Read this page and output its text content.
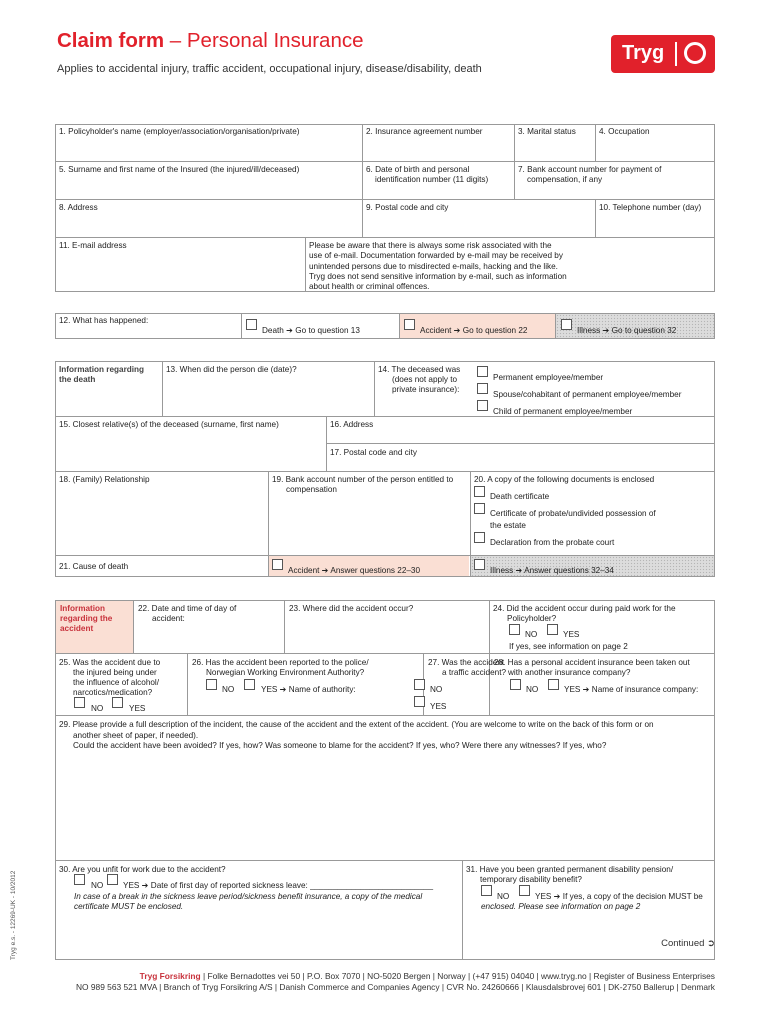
Claim form – Personal Insurance
Applies to accidental injury, traffic accident, occupational injury, disease/disability, death
Tryg
1. Policyholder's name (employer/association/organisation/private)	2. Insurance agreement number	3. Marital status	4. Occupation
5. Surname and first name of the Insured (the injured/ill/deceased)	6. Date of birth and personal
identification number (11 digits)
7. Bank account number for payment of
compensation, if any
8. Address	9. Postal code and city	10. Telephone number (day)
11. E-mail address	Please be aware that there is always some risk associated with the
use of e-mail. Documentation forwarded by e-mail may be received by
unintended persons due to misdirected e-mails, hacking and the like.
Tryg does not send sensitive information by e-mail, such as information
about health or criminal offences.
12. What has happened:
Death ➔ Go to question 13	Accident ➔ Go to question 22	Illness ➔ Go to question 32
Information regarding
the death
13. When did the person die (date)?	14. The deceased was
(does not apply to
private insurance):
Permanent employee/member
Spouse/cohabitant of permanent employee/member
Child of permanent employee/member
15. Closest relative(s) of the deceased (surname, first name)	16. Address
17. Postal code and city
18. (Family) Relationship	19. Bank account number of the person entitled to
compensation
20. A copy of the following documents is enclosed
Death certificate
Certificate of probate/undivided possession of
the estate
Declaration from the probate court
21. Cause of death	Accident ➔ Answer questions 22–30	Illness ➔ Answer questions 32–34
Information
regarding the
accident
22. Date and time of day of
accident:
23. Where did the accident occur?	24. Did the accident occur during paid work for the
Policyholder?
NO	YES
If yes, see information on page 2
25. Was the accident due to
the injured being under
the influence of alcohol/
narcotics/medication?
NO	YES
26. Has the accident been reported to the police/
Norwegian Working Environment Authority?
NO	YES ➔ Name of authority:
27. Was the accident
a traffic accident?
NO
YES
28. Has a personal accident insurance been taken out
with another insurance company?
NO	YES ➔ Name of insurance company:
29. Please provide a full description of the incident, the cause of the accident and the extent of the accident. (You are welcome to write on the back of this form or on
another sheet of paper, if needed).
Could the accident have been avoided? If yes, how? Was someone to blame for the accident? If yes, who? Were there any witnesses? If yes, who?
30. Are you unfit for work due to the accident?
NO YES ➔ Date of first day of reported sickness leave: ___________________________
In case of a break in the sickness leave period/sickness benefit insurance, a copy of the medical
certificate MUST be enclosed.
31. Have you been granted permanent disability pension/
temporary disability benefit?
NO	YES ➔ If yes, a copy of the decision MUST be
enclosed. Please see information on page 2
Continued ➲
Tryg Forsikring | Folke Bernadottes vei 50 | P.O. Box 7070 | NO-5020 Bergen | Norway | (+47 915) 04040 | www.tryg.no | Register of Business Enterprises
NO 989 563 521 MVA | Branch of Tryg Forsikring A/S | Danish Commerce and Companies Agency | CVR No. 24260666 | Klausdalsbrovej 601 | DK-2750 Ballerup | Denmark
Tryg e.s. - 12269-UK - 10/2012
